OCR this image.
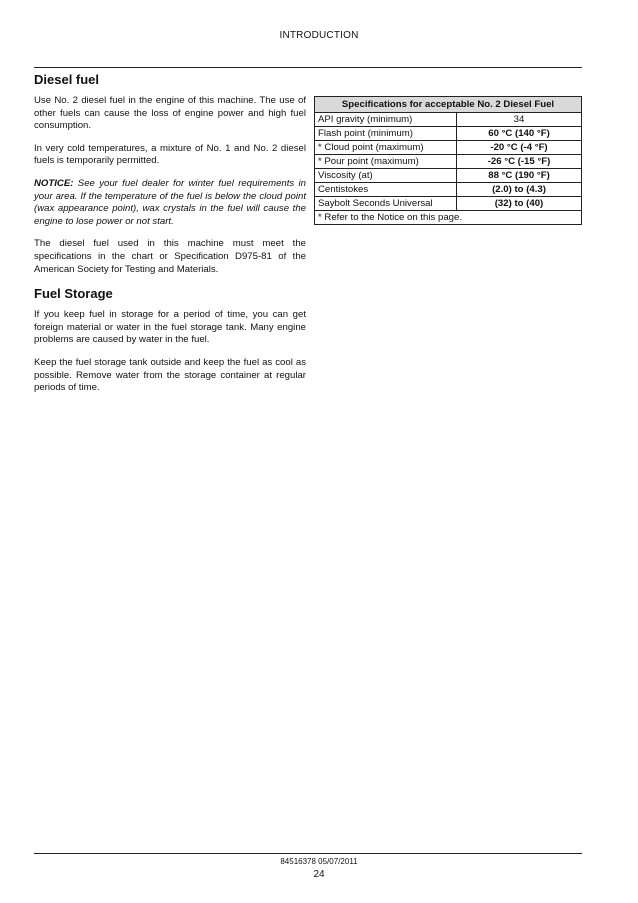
INTRODUCTION
Diesel fuel

Use No. 2 diesel fuel in the engine of this machine. The use of other fuels can cause the loss of engine power and high fuel consumption.

In very cold temperatures, a mixture of No. 1 and No. 2 diesel fuels is temporarily permitted.

NOTICE: See your fuel dealer for winter fuel requirements in your area. If the temperature of the fuel is below the cloud point (wax appearance point), wax crystals in the fuel will cause the engine to lose power or not start.

The diesel fuel used in this machine must meet the specifications in the chart or Specification D975-81 of the American Society for Testing and Materials.

Fuel Storage

If you keep fuel in storage for a period of time, you can get foreign material or water in the fuel storage tank. Many engine problems are caused by water in the fuel.

Keep the fuel storage tank outside and keep the fuel as cool as possible. Remove water from the storage container at regular periods of time.

Specifications for acceptable No. 2 Diesel Fuel	
API gravity (minimum)	34
Flash point (minimum)	60 °C (140 °F)
* Cloud point (maximum)	-20 °C (-4 °F)
* Pour point (maximum)	-26 °C (-15 °F)
Viscosity (at)	88 °C (190 °F)
Centistokes	(2.0) to (4.3)
Saybolt Seconds Universal	(32) to (40)
* Refer to the Notice on this page.	
84516378 05/07/2011
24
